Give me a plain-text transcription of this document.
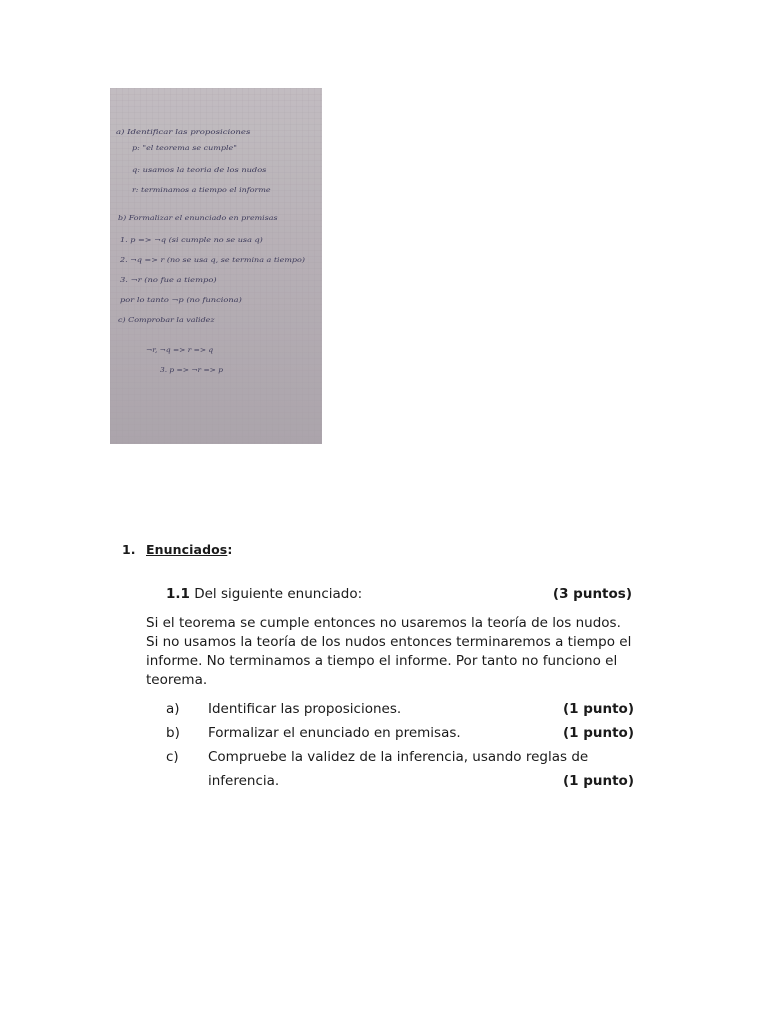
a) Identificar las proposiciones
p: "el teorema se cumple"
q: usamos la teoria de los nudos
r: terminamos a tiempo el informe
b) Formalizar el enunciado en premisas
1. p => ¬q (si cumple no se usa q)
2. ¬q => r (no se usa q, se termina a tiempo)
3. ¬r (no fue a tiempo)
por lo tanto ¬p (no funciona)
c) Comprobar la validez
¬r, ¬q => r => q
3. p => ¬r => p
1. Enunciados:
1.1 Del siguiente enunciado:	(3 puntos)
Si el teorema se cumple entonces no usaremos la teoría de los nudos. Si no usamos la teoría de los nudos entonces terminaremos a tiempo el informe. No terminamos a tiempo el informe. Por tanto no funciono el teorema.
a) Identificar las proposiciones.	(1 punto)
b) Formalizar el enunciado en premisas.	(1 punto)
c) Compruebe la validez de la inferencia, usando reglas de inferencia.	(1 punto)
